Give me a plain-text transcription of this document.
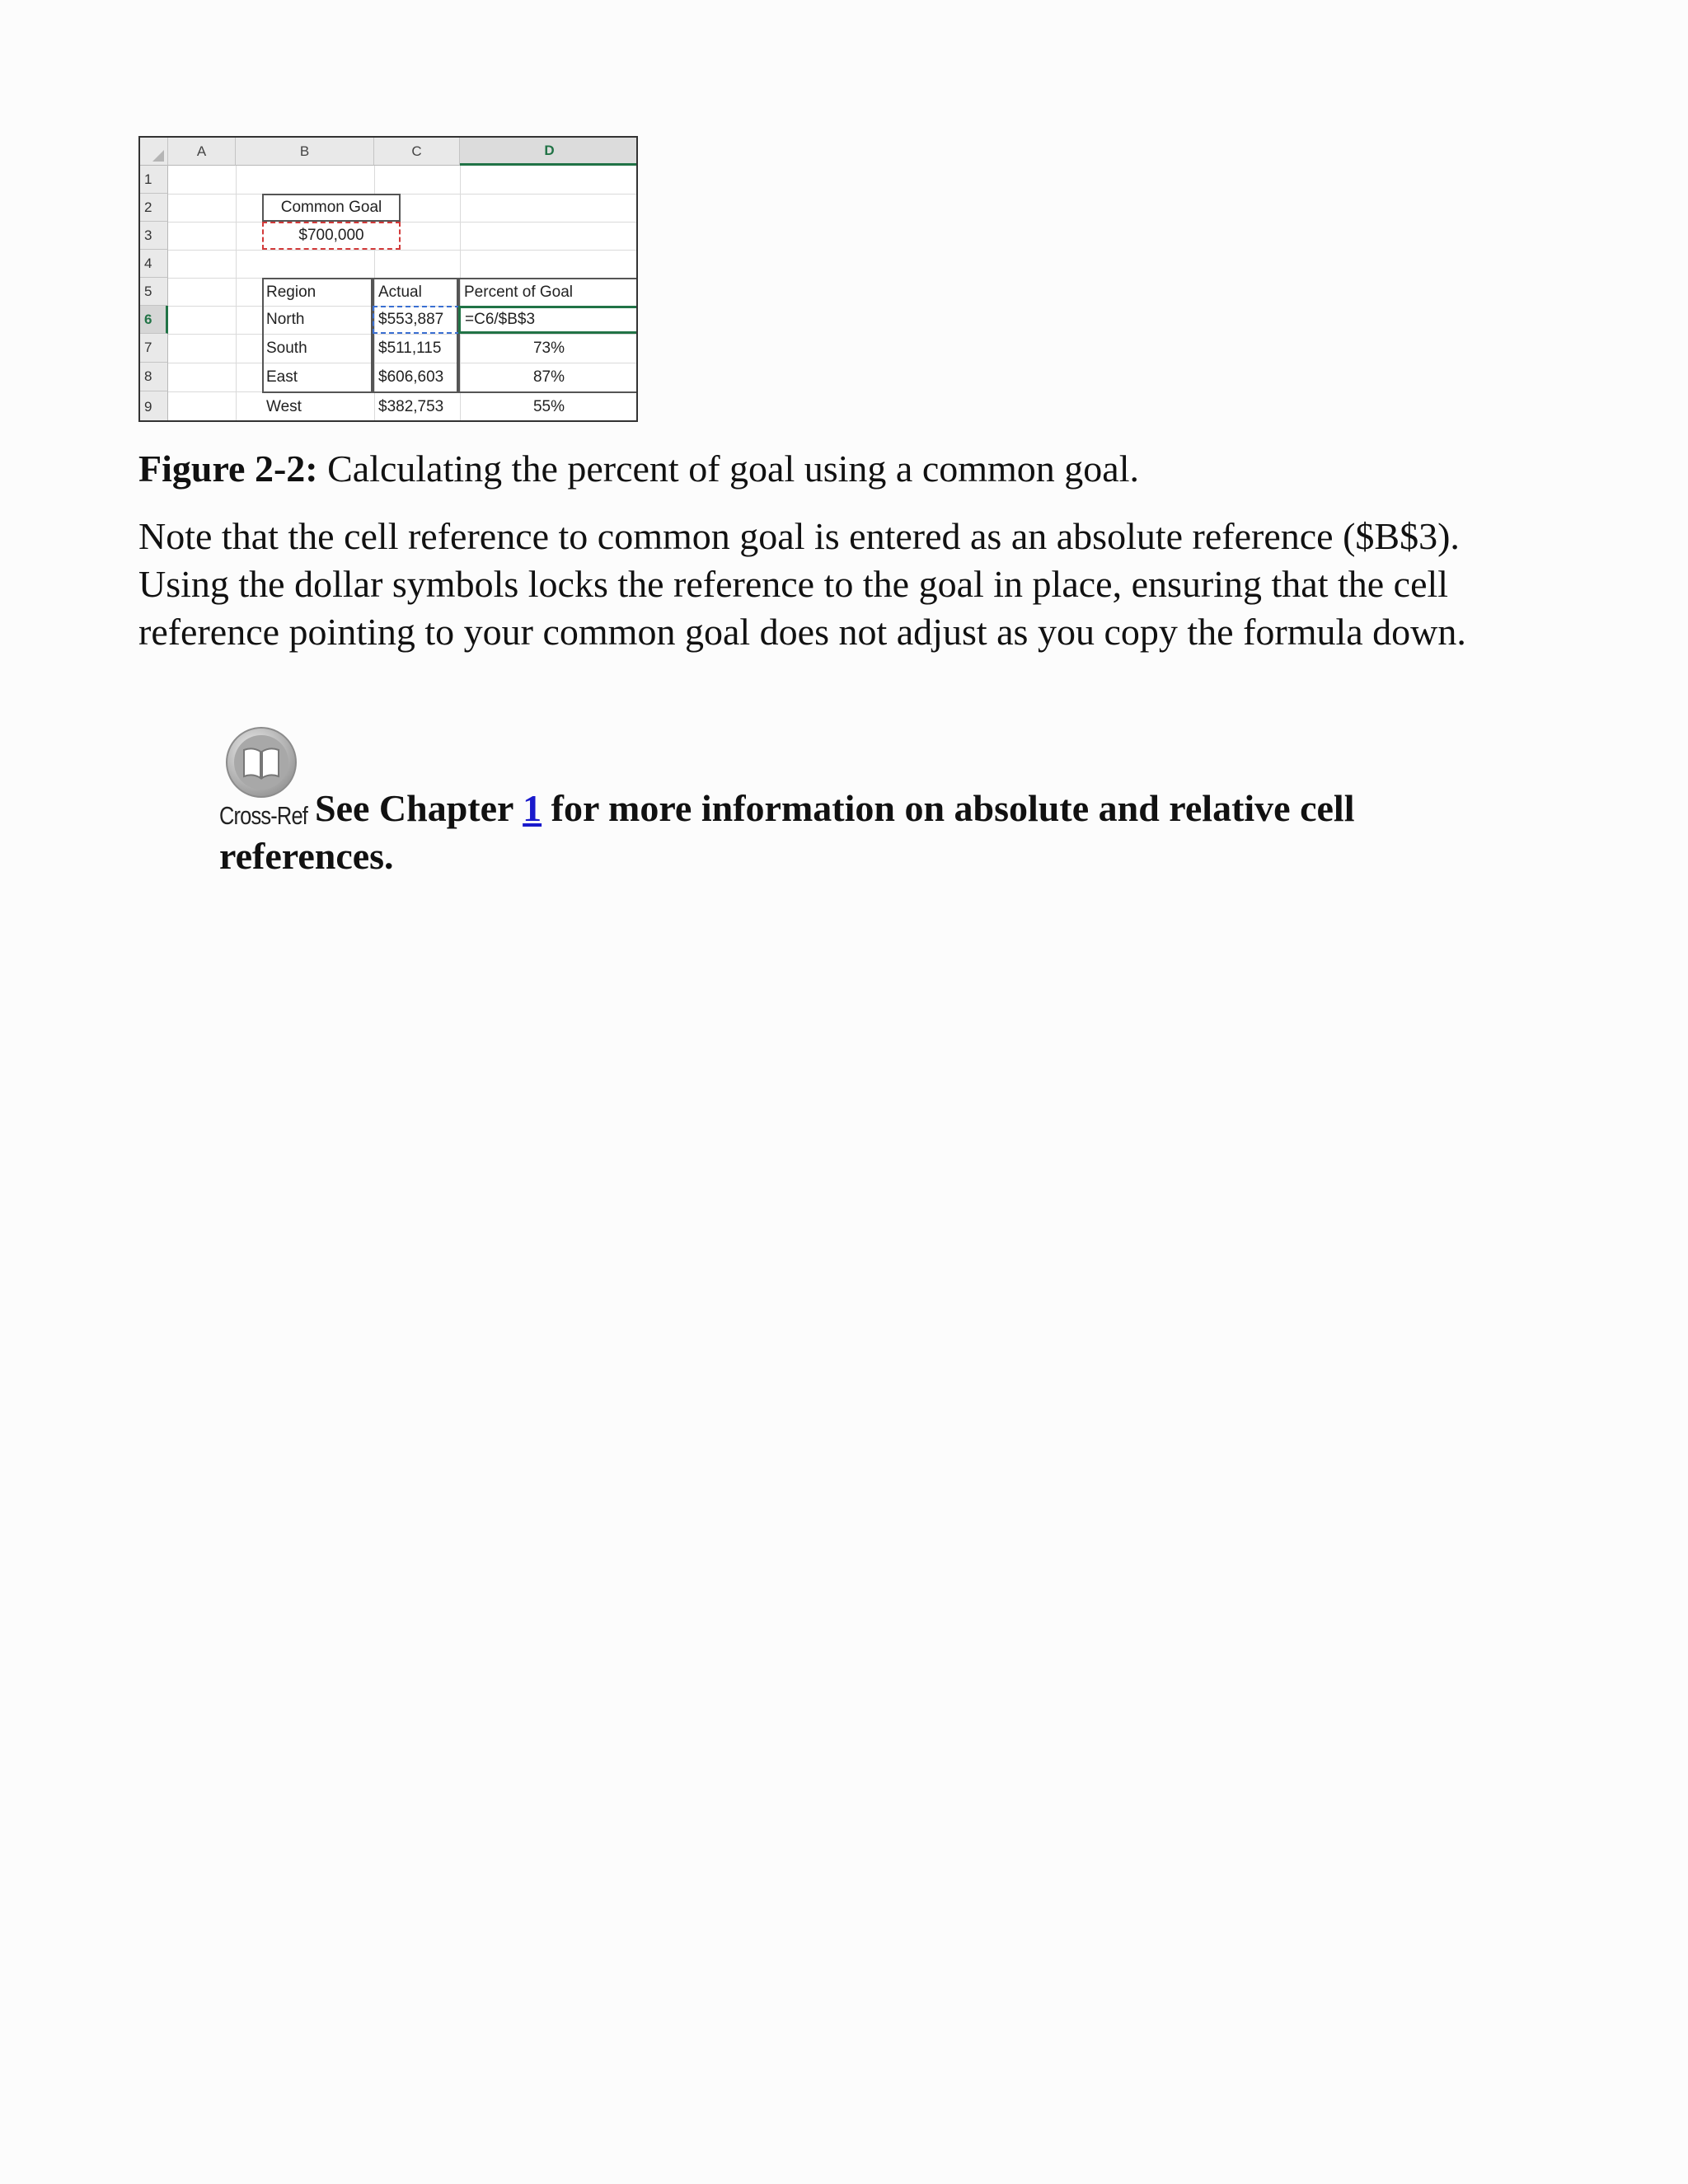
A	B	C	D
1
2
3
4
5
6
7
8
9
Common Goal
$700,000
Region	Actual	Percent of Goal
North	$553,887	=C6/$B$3
South	$511,115	73%
East	$606,603	87%
West	$382,753	55%

Figure 2-2: Calculating the percent of goal using a common goal.

Note that the cell reference to common goal is entered as an absolute reference ($B$3). Using the dollar symbols locks the reference to the goal in place, ensuring that the cell reference pointing to your common goal does not adjust as you copy the formula down.

Cross-Ref See Chapter 1 for more information on absolute and relative cell references.
